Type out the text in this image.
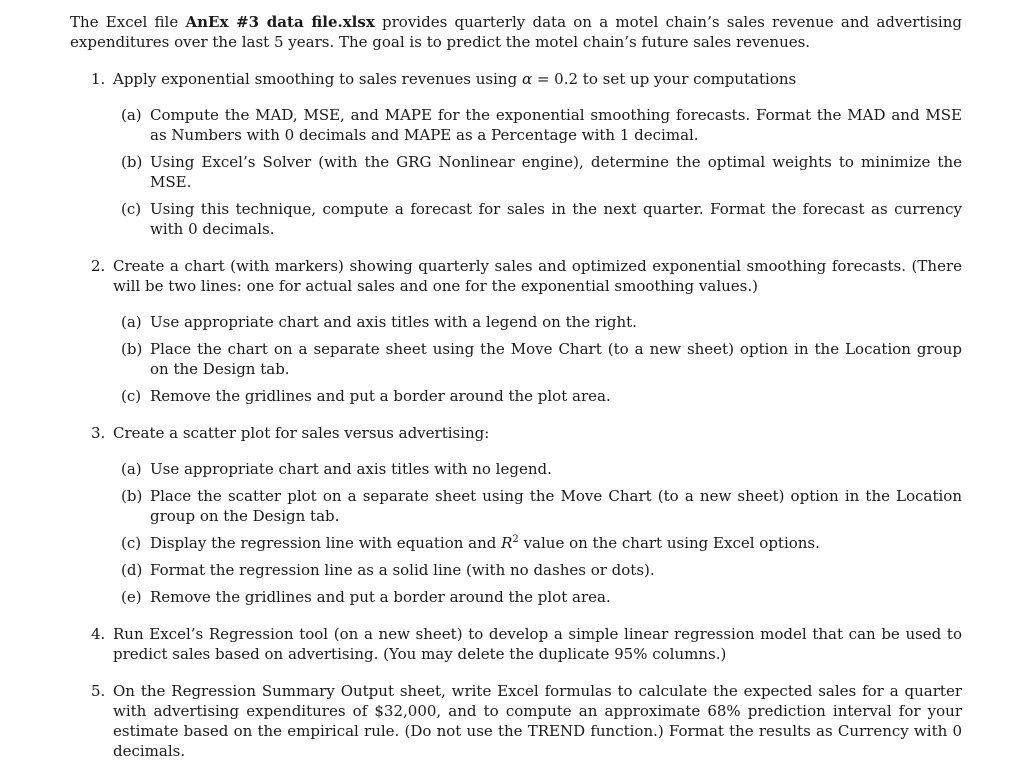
The Excel file AnEx #3 data file.xlsx provides quarterly data on a motel chain’s sales revenue and advertising expenditures over the last 5 years. The goal is to predict the motel chain’s future sales revenues.

1. Apply exponential smoothing to sales revenues using α = 0.2 to set up your computations
(a) Compute the MAD, MSE, and MAPE for the exponential smoothing forecasts. Format the MAD and MSE as Numbers with 0 decimals and MAPE as a Percentage with 1 decimal.
(b) Using Excel’s Solver (with the GRG Nonlinear engine), determine the optimal weights to minimize the MSE.
(c) Using this technique, compute a forecast for sales in the next quarter. Format the forecast as currency with 0 decimals.
2. Create a chart (with markers) showing quarterly sales and optimized exponential smoothing forecasts. (There will be two lines: one for actual sales and one for the exponential smoothing values.)
(a) Use appropriate chart and axis titles with a legend on the right.
(b) Place the chart on a separate sheet using the Move Chart (to a new sheet) option in the Location group on the Design tab.
(c) Remove the gridlines and put a border around the plot area.
3. Create a scatter plot for sales versus advertising:
(a) Use appropriate chart and axis titles with no legend.
(b) Place the scatter plot on a separate sheet using the Move Chart (to a new sheet) option in the Location group on the Design tab.
(c) Display the regression line with equation and $R^2$ value on the chart using Excel options.
(d) Format the regression line as a solid line (with no dashes or dots).
(e) Remove the gridlines and put a border around the plot area.
4. Run Excel’s Regression tool (on a new sheet) to develop a simple linear regression model that can be used to predict sales based on advertising. (You may delete the duplicate 95% columns.)
5. On the Regression Summary Output sheet, write Excel formulas to calculate the expected sales for a quarter with advertising expenditures of $32,000, and to compute an approximate 68% prediction interval for your estimate based on the empirical rule. (Do not use the TREND function.) Format the results as Currency with 0 decimals.
